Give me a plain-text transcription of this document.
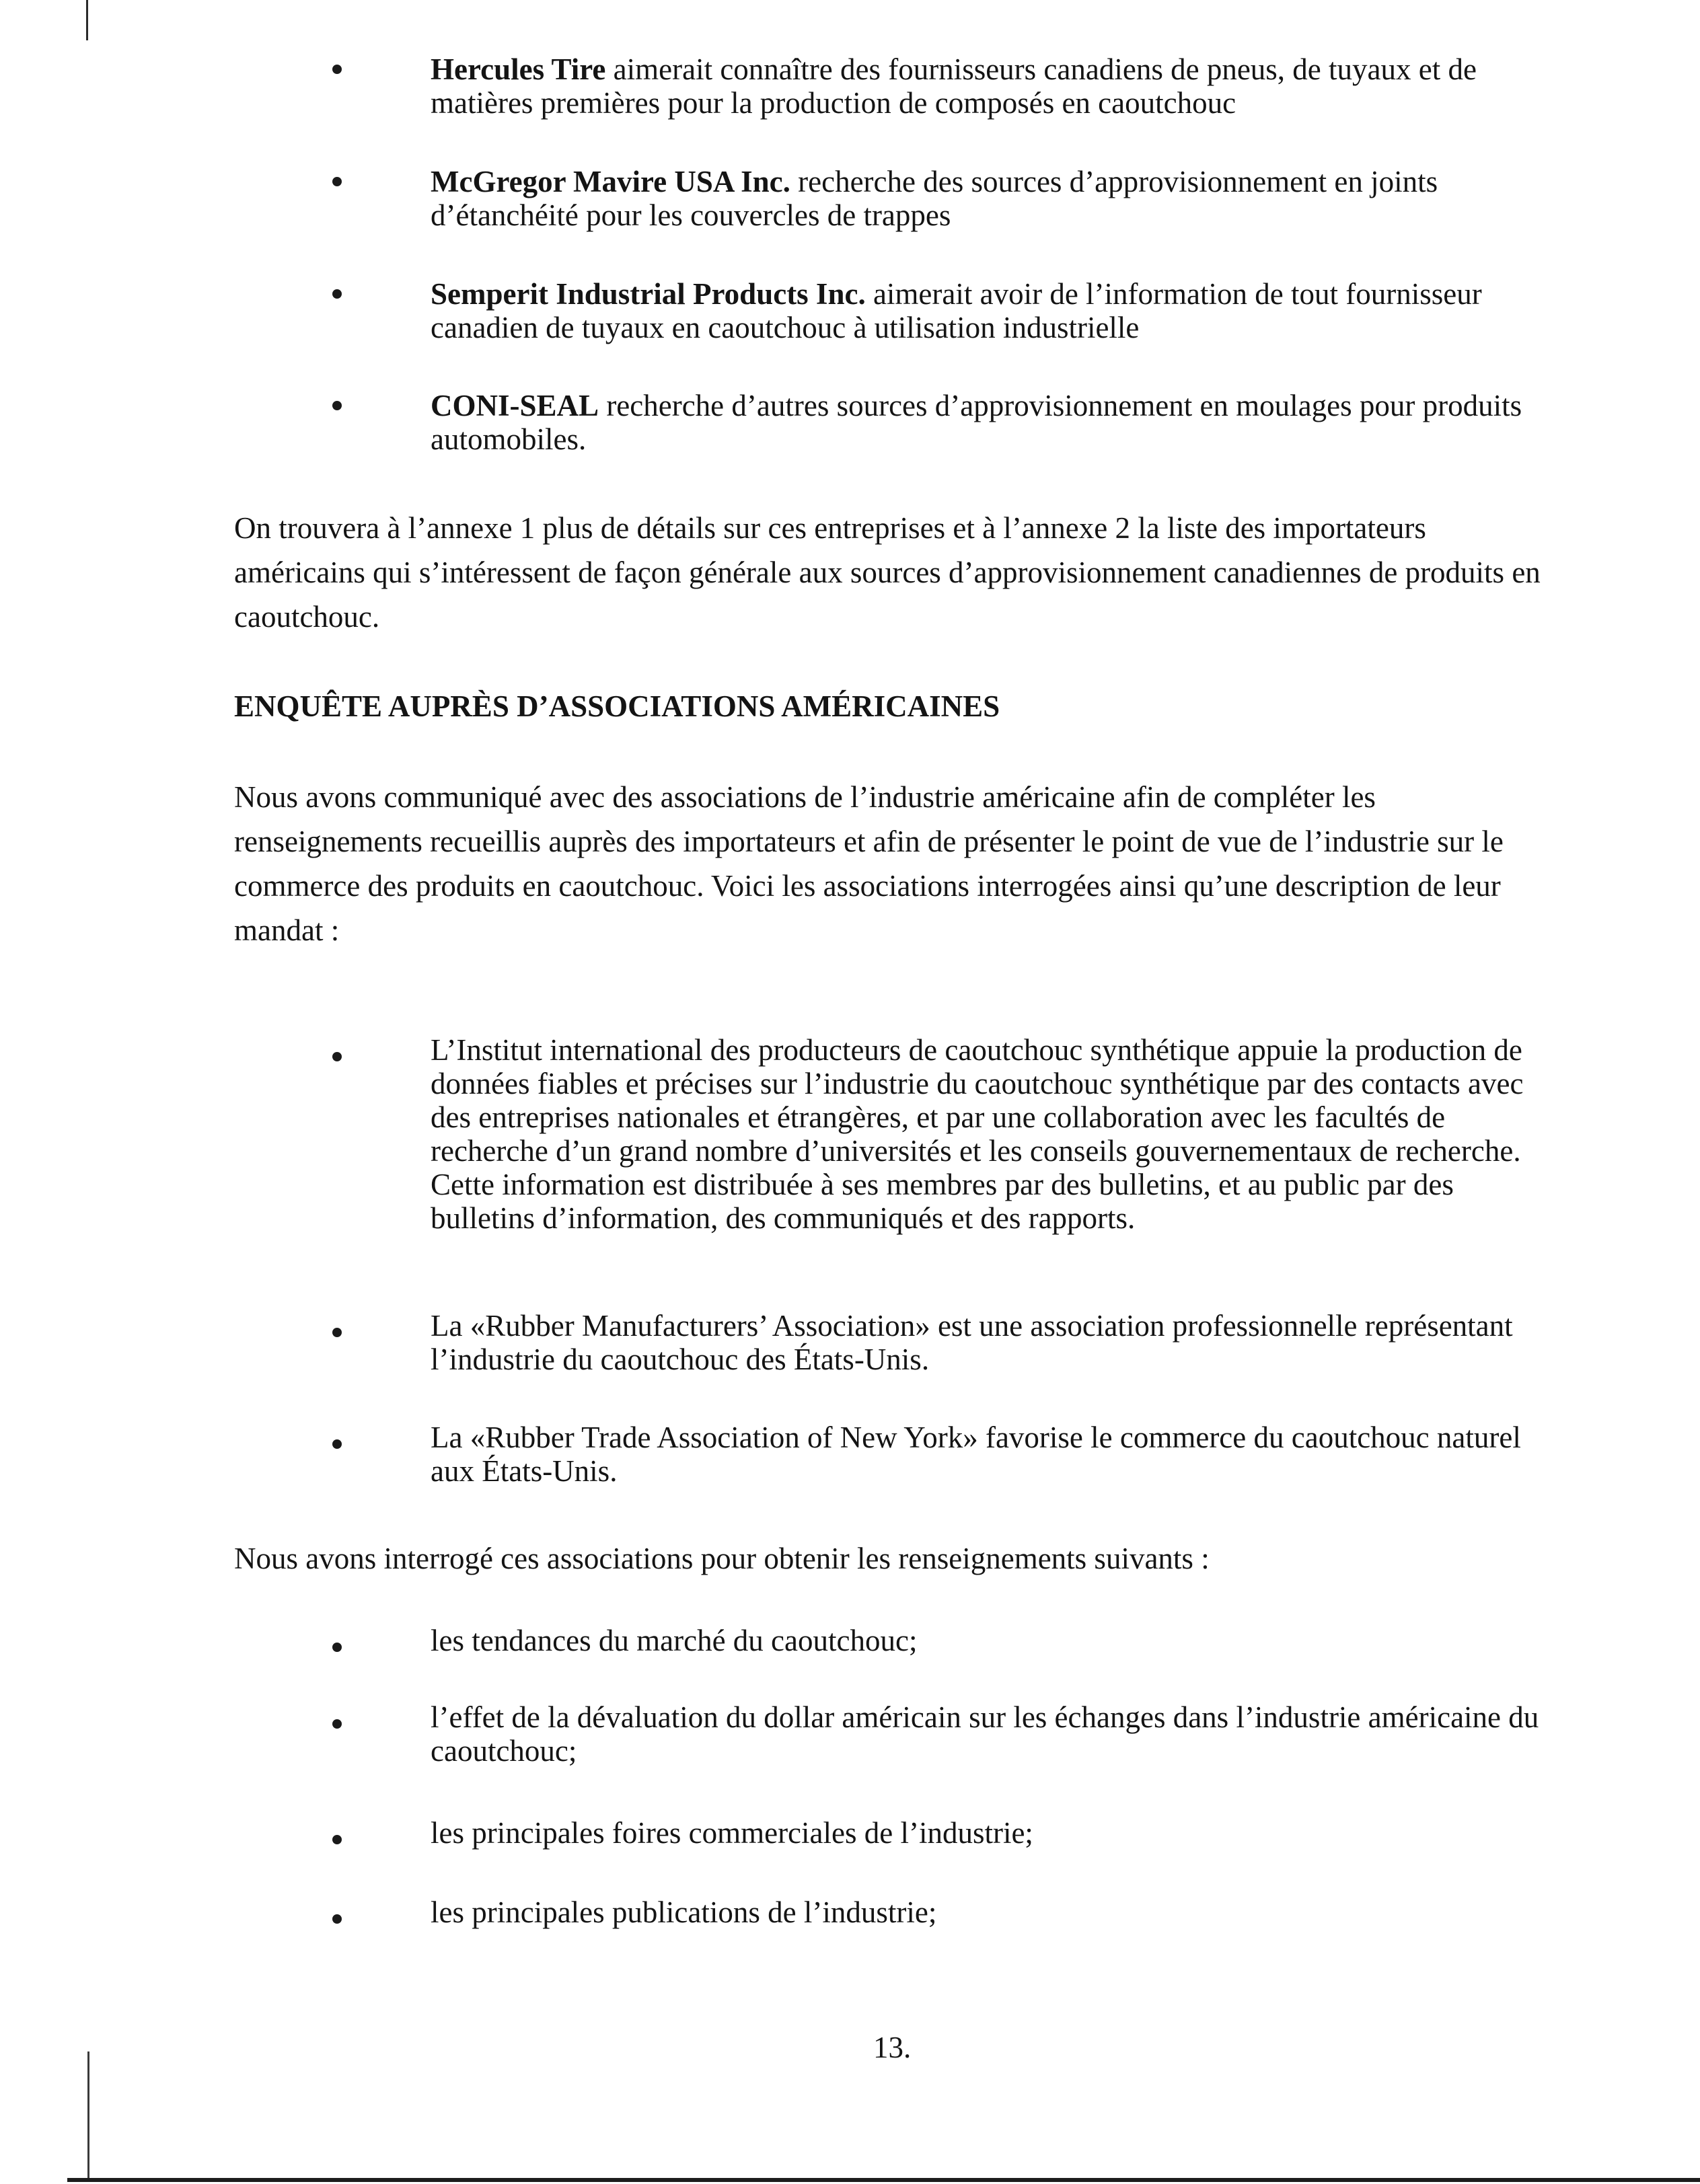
Hercules Tire aimerait connaître des fournisseurs canadiens de pneus, de tuyaux et de matières premières pour la production de composés en caoutchouc
McGregor Mavire USA Inc. recherche des sources d’approvisionnement en joints d’étanchéité pour les couvercles de trappes
Semperit Industrial Products Inc. aimerait avoir de l’information de tout fournisseur canadien de tuyaux en caoutchouc à utilisation industrielle
CONI-SEAL recherche d’autres sources d’approvisionnement en moulages pour produits automobiles.

On trouvera à l’annexe 1 plus de détails sur ces entreprises et à l’annexe 2 la liste des importateurs américains qui s’intéressent de façon générale aux sources d’approvisionnement canadiennes de produits en caoutchouc.

ENQUÊTE AUPRÈS D’ASSOCIATIONS AMÉRICAINES

Nous avons communiqué avec des associations de l’industrie américaine afin de compléter les renseignements recueillis auprès des importateurs et afin de présenter le point de vue de l’industrie sur le commerce des produits en caoutchouc. Voici les associations interrogées ainsi qu’une description de leur mandat :

L’Institut international des producteurs de caoutchouc synthétique appuie la production de données fiables et précises sur l’industrie du caoutchouc synthétique par des contacts avec des entreprises nationales et étrangères, et par une collaboration avec les facultés de recherche d’un grand nombre d’universités et les conseils gouvernementaux de recherche. Cette information est distribuée à ses membres par des bulletins, et au public par des bulletins d’information, des communiqués et des rapports.
La «Rubber Manufacturers’ Association» est une association professionnelle représentant l’industrie du caoutchouc des États-Unis.
La «Rubber Trade Association of New York» favorise le commerce du caoutchouc naturel aux États-Unis.

Nous avons interrogé ces associations pour obtenir les renseignements suivants :

les tendances du marché du caoutchouc;
l’effet de la dévaluation du dollar américain sur les échanges dans l’industrie américaine du caoutchouc;
les principales foires commerciales de l’industrie;
les principales publications de l’industrie;
13.
